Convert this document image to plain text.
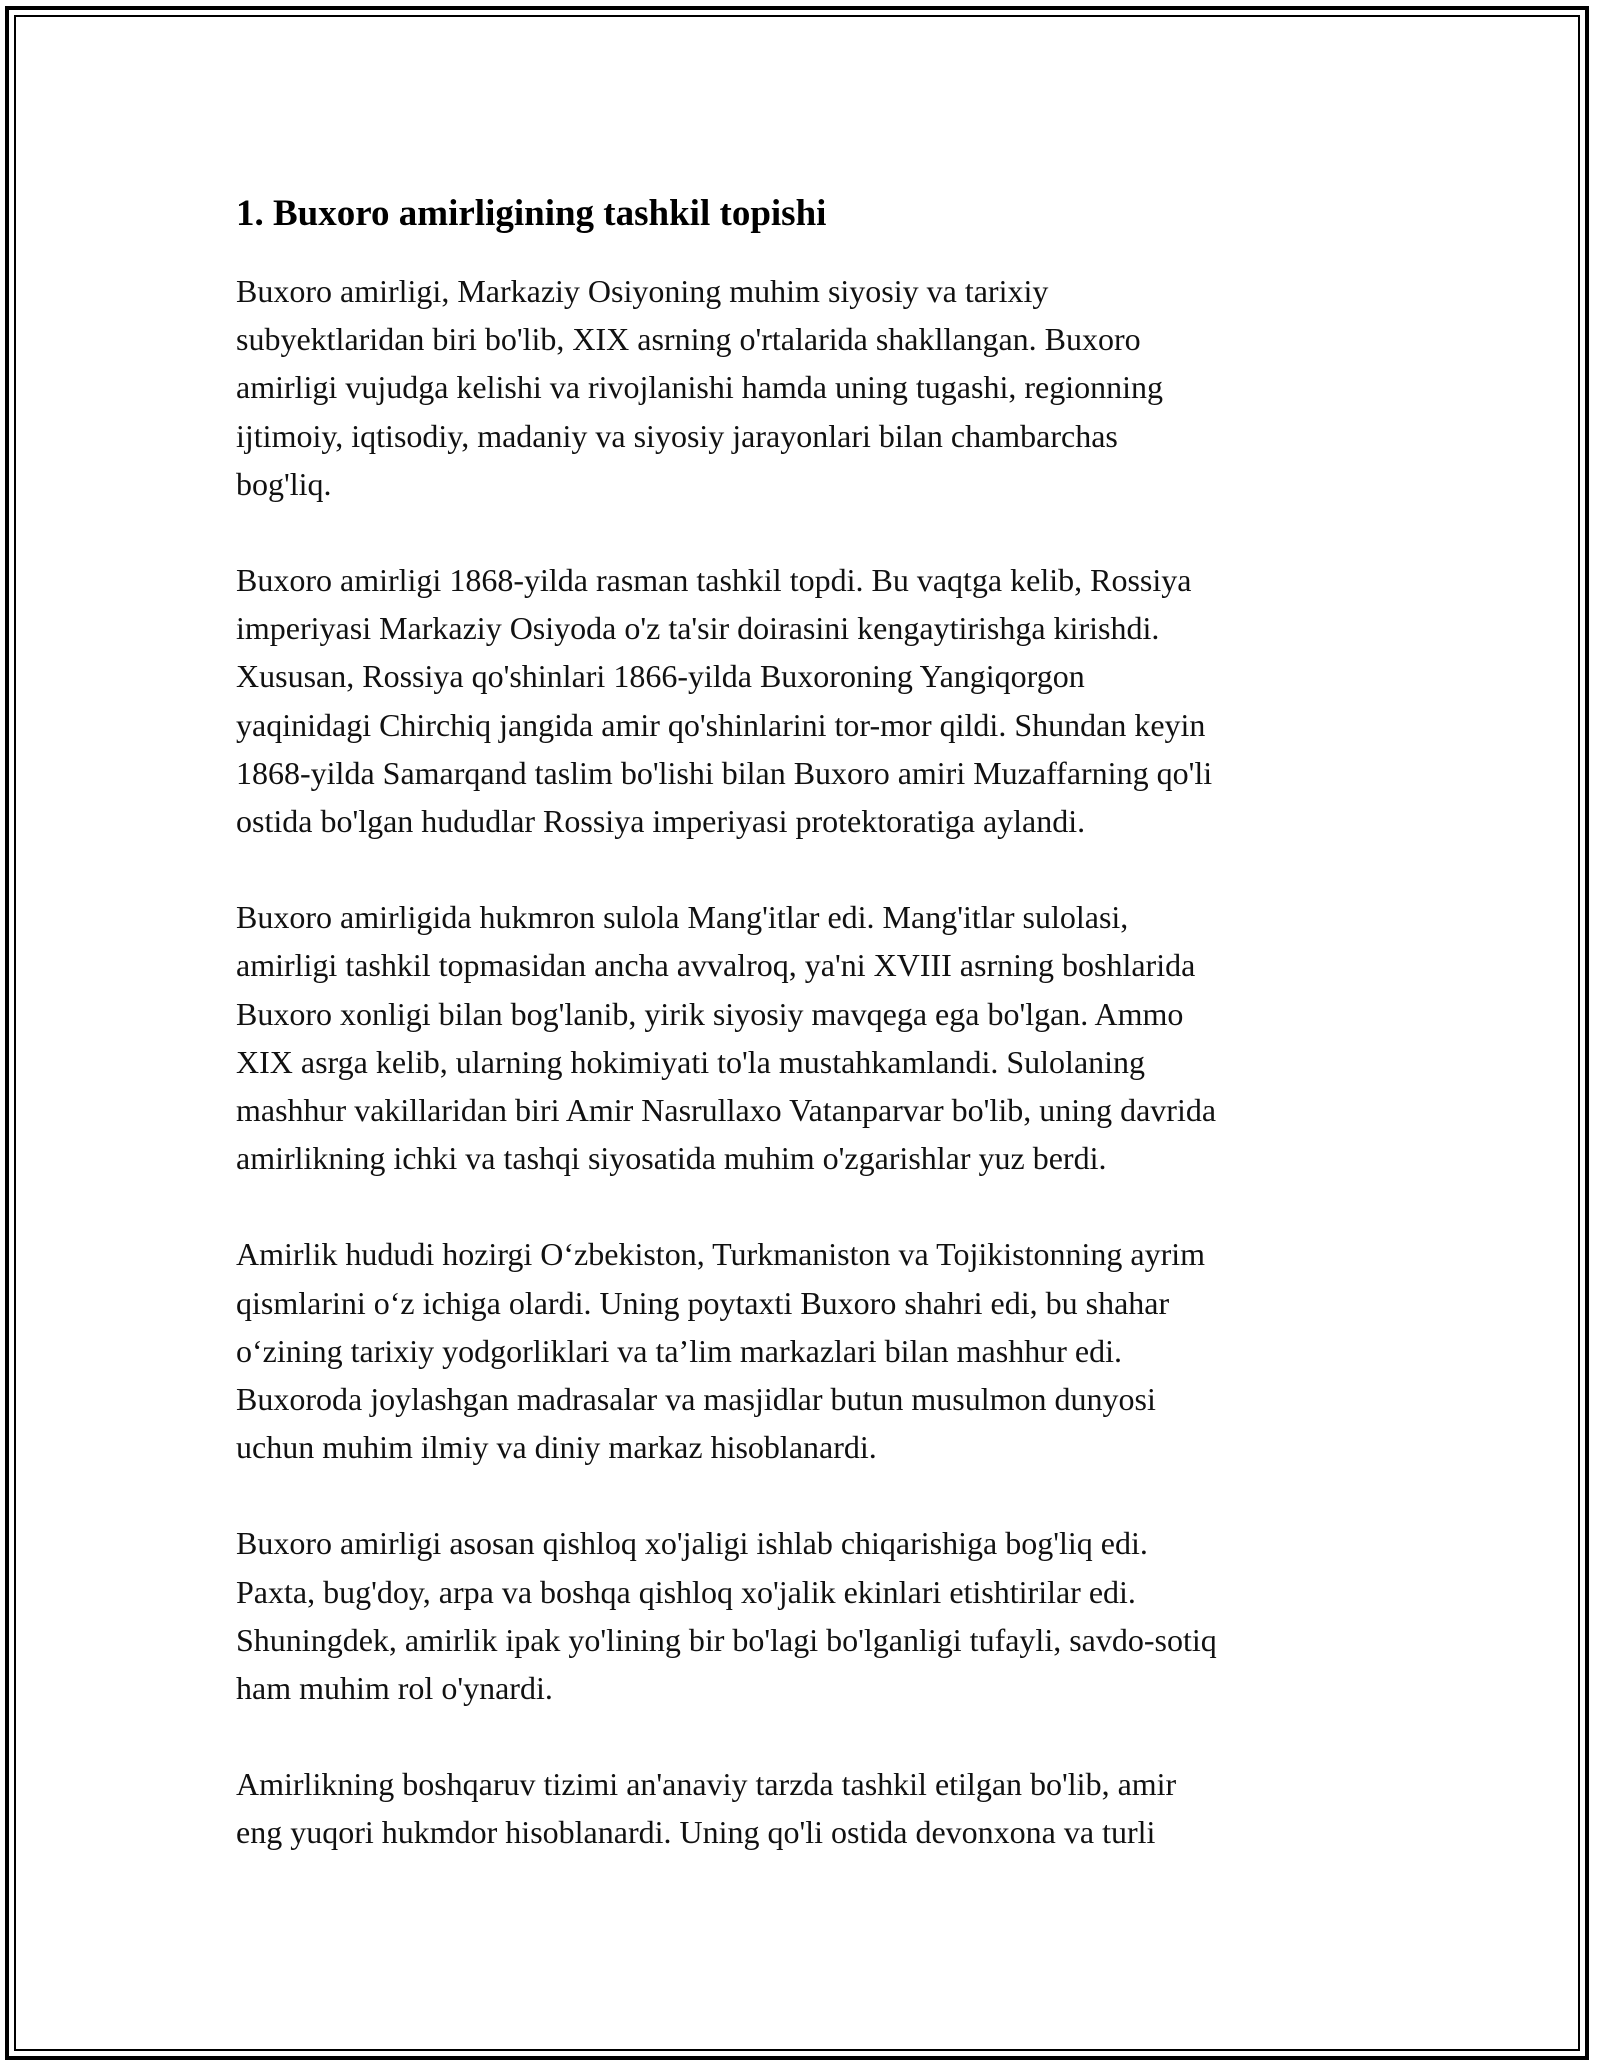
1. Buxoro amirligining tashkil topishi

Buxoro amirligi, Markaziy Osiyoning muhim siyosiy va tarixiy
subyektlaridan biri bo'lib, XIX asrning o'rtalarida shakllangan. Buxoro
amirligi vujudga kelishi va rivojlanishi hamda uning tugashi, regionning
ijtimoiy, iqtisodiy, madaniy va siyosiy jarayonlari bilan chambarchas
bog'liq.

Buxoro amirligi 1868-yilda rasman tashkil topdi. Bu vaqtga kelib, Rossiya
imperiyasi Markaziy Osiyoda o'z ta'sir doirasini kengaytirishga kirishdi.
Xususan, Rossiya qo'shinlari 1866-yilda Buxoroning Yangiqorgon
yaqinidagi Chirchiq jangida amir qo'shinlarini tor-mor qildi. Shundan keyin
1868-yilda Samarqand taslim bo'lishi bilan Buxoro amiri Muzaffarning qo'li
ostida bo'lgan hududlar Rossiya imperiyasi protektoratiga aylandi.

Buxoro amirligida hukmron sulola Mang'itlar edi. Mang'itlar sulolasi,
amirligi tashkil topmasidan ancha avvalroq, ya'ni XVIII asrning boshlarida
Buxoro xonligi bilan bog'lanib, yirik siyosiy mavqega ega bo'lgan. Ammo
XIX asrga kelib, ularning hokimiyati to'la mustahkamlandi. Sulolaning
mashhur vakillaridan biri Amir Nasrullaxo Vatanparvar bo'lib, uning davrida
amirlikning ichki va tashqi siyosatida muhim o'zgarishlar yuz berdi.

Amirlik hududi hozirgi O‘zbekiston, Turkmaniston va Tojikistonning ayrim
qismlarini o‘z ichiga olardi. Uning poytaxti Buxoro shahri edi, bu shahar
o‘zining tarixiy yodgorliklari va ta’lim markazlari bilan mashhur edi.
Buxoroda joylashgan madrasalar va masjidlar butun musulmon dunyosi
uchun muhim ilmiy va diniy markaz hisoblanardi.

Buxoro amirligi asosan qishloq xo'jaligi ishlab chiqarishiga bog'liq edi.
Paxta, bug'doy, arpa va boshqa qishloq xo'jalik ekinlari etishtirilar edi.
Shuningdek, amirlik ipak yo'lining bir bo'lagi bo'lganligi tufayli, savdo-sotiq
ham muhim rol o'ynardi.

Amirlikning boshqaruv tizimi an'anaviy tarzda tashkil etilgan bo'lib, amir
eng yuqori hukmdor hisoblanardi. Uning qo'li ostida devonxona va turli
